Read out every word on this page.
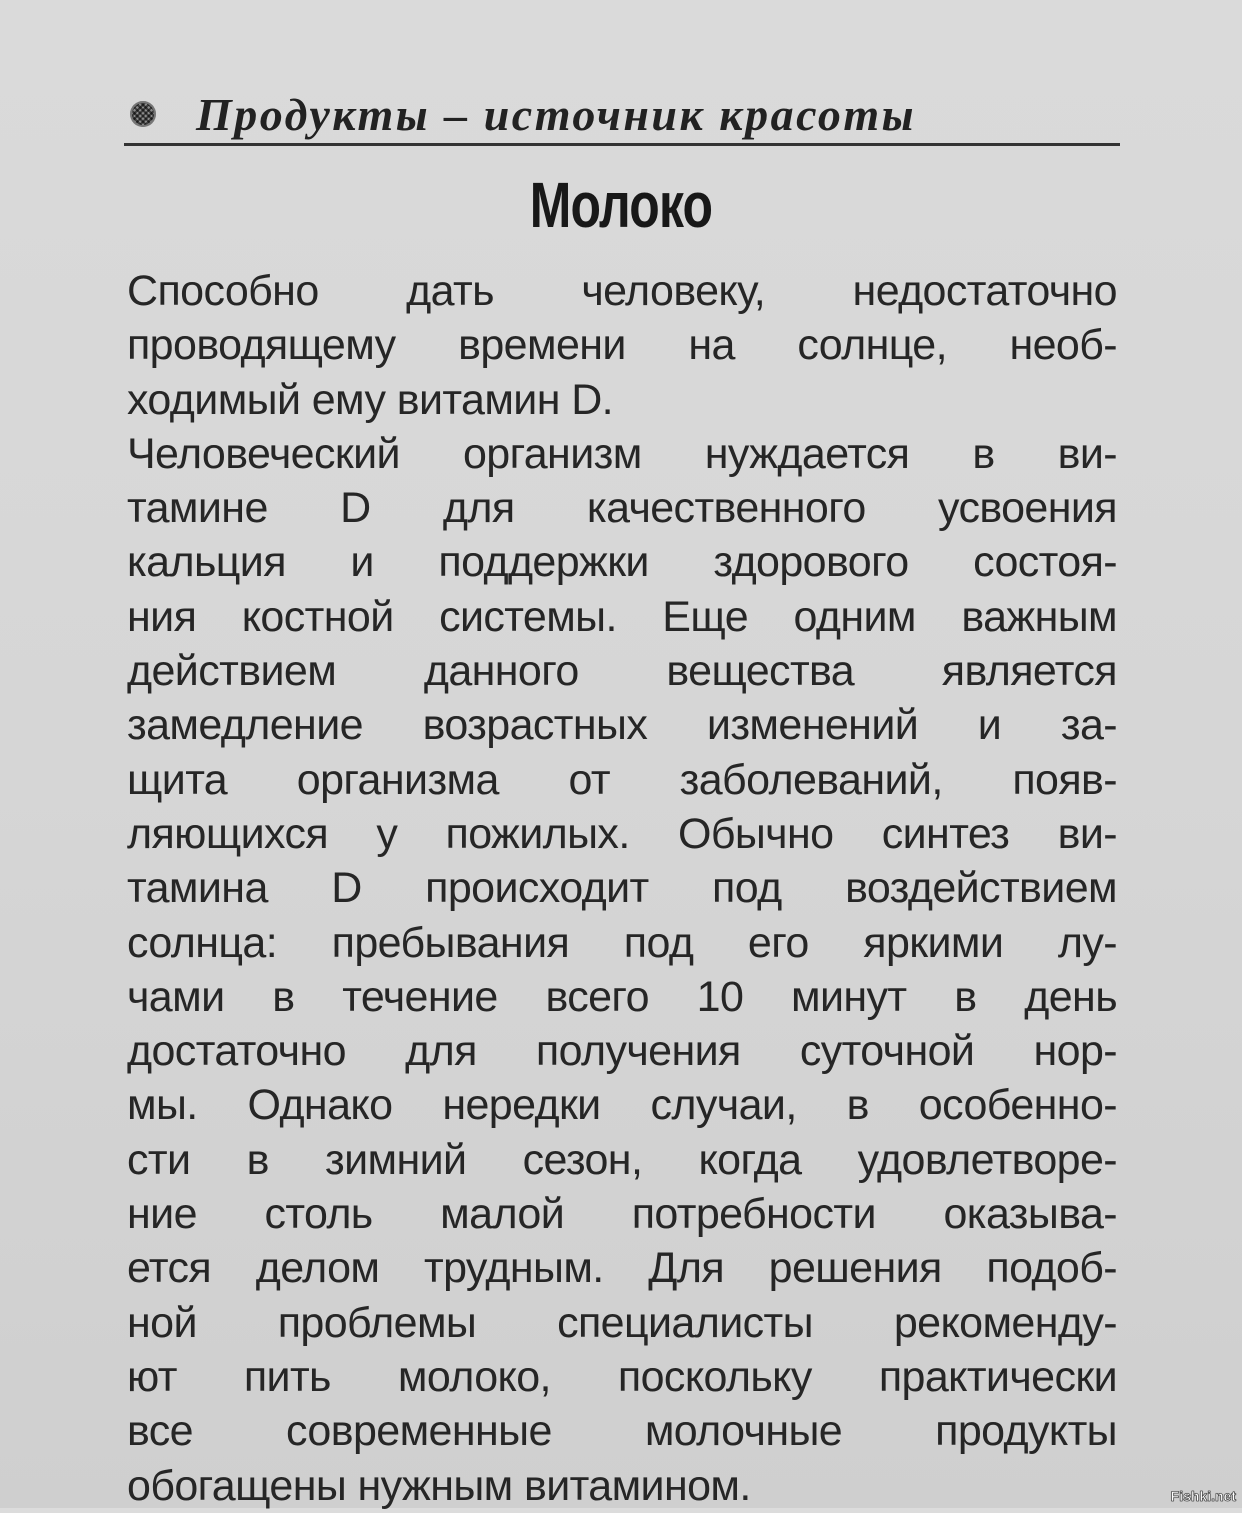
Продукты – источник красоты
Молоко
Способно дать человеку, недостаточно
проводящему времени на солнце, необ-
ходимый ему витамин D.
Человеческий организм нуждается в ви-
тамине D для качественного усвоения
кальция и поддержки здорового состоя-
ния костной системы. Еще одним важным
действием данного вещества является
замедление возрастных изменений и за-
щита организма от заболеваний, появ-
ляющихся у пожилых. Обычно синтез ви-
тамина D происходит под воздействием
солнца: пребывания под его яркими лу-
чами в течение всего 10 минут в день
достаточно для получения суточной нор-
мы. Однако нередки случаи, в особенно-
сти в зимний сезон, когда удовлетворе-
ние столь малой потребности оказыва-
ется делом трудным. Для решения подоб-
ной проблемы специалисты рекоменду-
ют пить молоко, поскольку практически
все современные молочные продукты
обогащены нужным витамином.	Fishki.net
